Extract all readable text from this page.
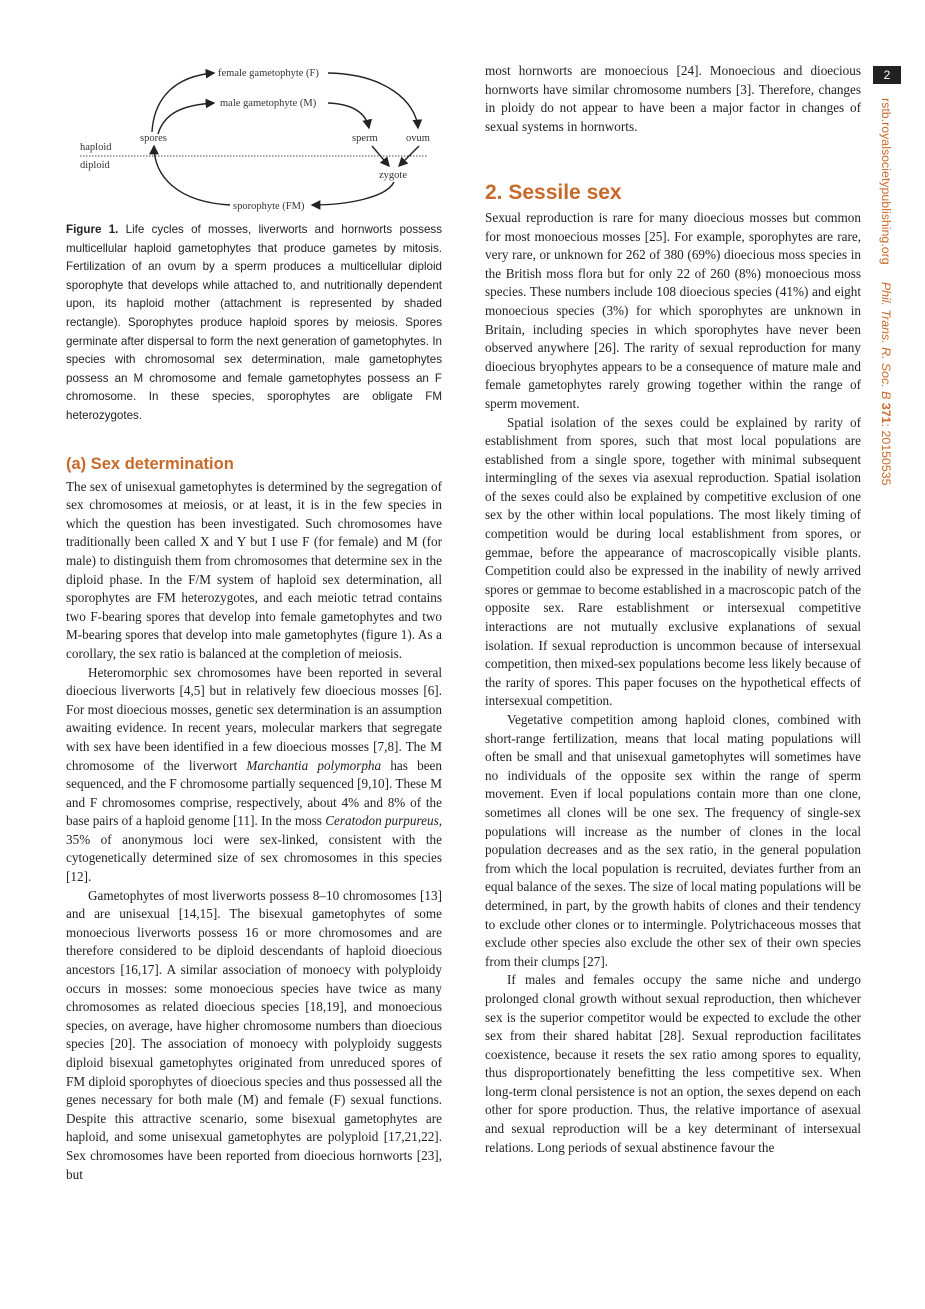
2
rstb.royalsocietypublishing.org     Phil. Trans. R. Soc. B 371: 20150535
female gametophyte (F)
male gametophyte (M)
spores	sperm	ovum
haploid
diploid
zygote
sporophyte (FM)
Figure 1. Life cycles of mosses, liverworts and hornworts possess multicellular haploid gametophytes that produce gametes by mitosis. Fertilization of an ovum by a sperm produces a multicellular diploid sporophyte that develops while attached to, and nutritionally dependent upon, its haploid mother (attachment is represented by shaded rectangle). Sporophytes produce haploid spores by meiosis. Spores germinate after dispersal to form the next generation of gametophytes. In species with chromosomal sex determination, male gametophytes possess an M chromosome and female gametophytes possess an F chromosome. In these species, sporophytes are obligate FM heterozygotes.
(a) Sex determination

The sex of unisexual gametophytes is determined by the segregation of sex chromosomes at meiosis, or at least, it is in the few species in which the question has been investigated. Such chromosomes have traditionally been called X and Y but I use F (for female) and M (for male) to distinguish them from chromosomes that determine sex in the diploid phase. In the F/M system of haploid sex determination, all sporophytes are FM heterozygotes, and each meiotic tetrad contains two F-bearing spores that develop into female gametophytes and two M-bearing spores that develop into male gametophytes (figure 1). As a corollary, the sex ratio is balanced at the completion of meiosis.

Heteromorphic sex chromosomes have been reported in several dioecious liverworts [4,5] but in relatively few dioecious mosses [6]. For most dioecious mosses, genetic sex determination is an assumption awaiting evidence. In recent years, molecular markers that segregate with sex have been identified in a few dioecious mosses [7,8]. The M chromosome of the liverwort Marchantia polymorpha has been sequenced, and the F chromosome partially sequenced [9,10]. These M and F chromosomes comprise, respectively, about 4% and 8% of the base pairs of a haploid genome [11]. In the moss Ceratodon purpureus, 35% of anonymous loci were sex-linked, consistent with the cytogenetically determined size of sex chromosomes in this species [12].

Gametophytes of most liverworts possess 8–10 chromosomes [13] and are unisexual [14,15]. The bisexual gametophytes of some monoecious liverworts possess 16 or more chromosomes and are therefore considered to be diploid descendants of haploid dioecious ancestors [16,17]. A similar association of monoecy with polyploidy occurs in mosses: some monoecious species have twice as many chromosomes as related dioecious species [18,19], and monoecious species, on average, have higher chromosome numbers than dioecious species [20]. The association of monoecy with polyploidy suggests diploid bisexual gametophytes originated from unreduced spores of FM diploid sporophytes of dioecious species and thus possessed all the genes necessary for both male (M) and female (F) sexual functions. Despite this attractive scenario, some bisexual gametophytes are haploid, and some unisexual gametophytes are polyploid [17,21,22]. Sex chromosomes have been reported from dioecious hornworts [23], but

most hornworts are monoecious [24]. Monoecious and dioecious hornworts have similar chromosome numbers [3]. Therefore, changes in ploidy do not appear to have been a major factor in changes of sexual systems in hornworts.

2. Sessile sex

Sexual reproduction is rare for many dioecious mosses but common for most monoecious mosses [25]. For example, sporophytes are rare, very rare, or unknown for 262 of 380 (69%) dioecious moss species in the British moss flora but for only 22 of 260 (8%) monoecious moss species. These numbers include 108 dioecious species (41%) and eight monoecious species (3%) for which sporophytes are unknown in Britain, including species in which sporophytes have never been observed anywhere [26]. The rarity of sexual reproduction for many dioecious bryophytes appears to be a consequence of mature male and female gametophytes rarely growing together within the range of sperm movement.

Spatial isolation of the sexes could be explained by rarity of establishment from spores, such that most local populations are established from a single spore, together with minimal subsequent intermingling of the sexes via asexual reproduction. Spatial isolation of the sexes could also be explained by competitive exclusion of one sex by the other within local populations. The most likely timing of competition would be during local establishment from spores, or gemmae, before the appearance of macroscopically visible plants. Competition could also be expressed in the inability of newly arrived spores or gemmae to become established in a macroscopic patch of the opposite sex. Rare establishment or intersexual competitive interactions are not mutually exclusive explanations of sexual isolation. If sexual reproduction is uncommon because of intersexual competition, then mixed-sex populations become less likely because of the rarity of spores. This paper focuses on the hypothetical effects of intersexual competition.

Vegetative competition among haploid clones, combined with short-range fertilization, means that local mating populations will often be small and that unisexual gametophytes will sometimes have no individuals of the opposite sex within the range of sperm movement. Even if local populations contain more than one clone, sometimes all clones will be one sex. The frequency of single-sex populations will increase as the number of clones in the local population decreases and as the sex ratio, in the general population from which the local population is recruited, deviates further from an equal balance of the sexes. The size of local mating populations will be determined, in part, by the growth habits of clones and their tendency to exclude other clones or to intermingle. Polytrichaceous mosses that exclude other species also exclude the other sex of their own species from their clumps [27].

If males and females occupy the same niche and undergo prolonged clonal growth without sexual reproduction, then whichever sex is the superior competitor would be expected to exclude the other sex from their shared habitat [28]. Sexual reproduction facilitates coexistence, because it resets the sex ratio among spores to equality, thus disproportionately benefitting the less competitive sex. When long-term clonal persistence is not an option, the sexes depend on each other for spore production. Thus, the relative importance of asexual and sexual reproduction will be a key determinant of intersexual relations. Long periods of sexual abstinence favour the
